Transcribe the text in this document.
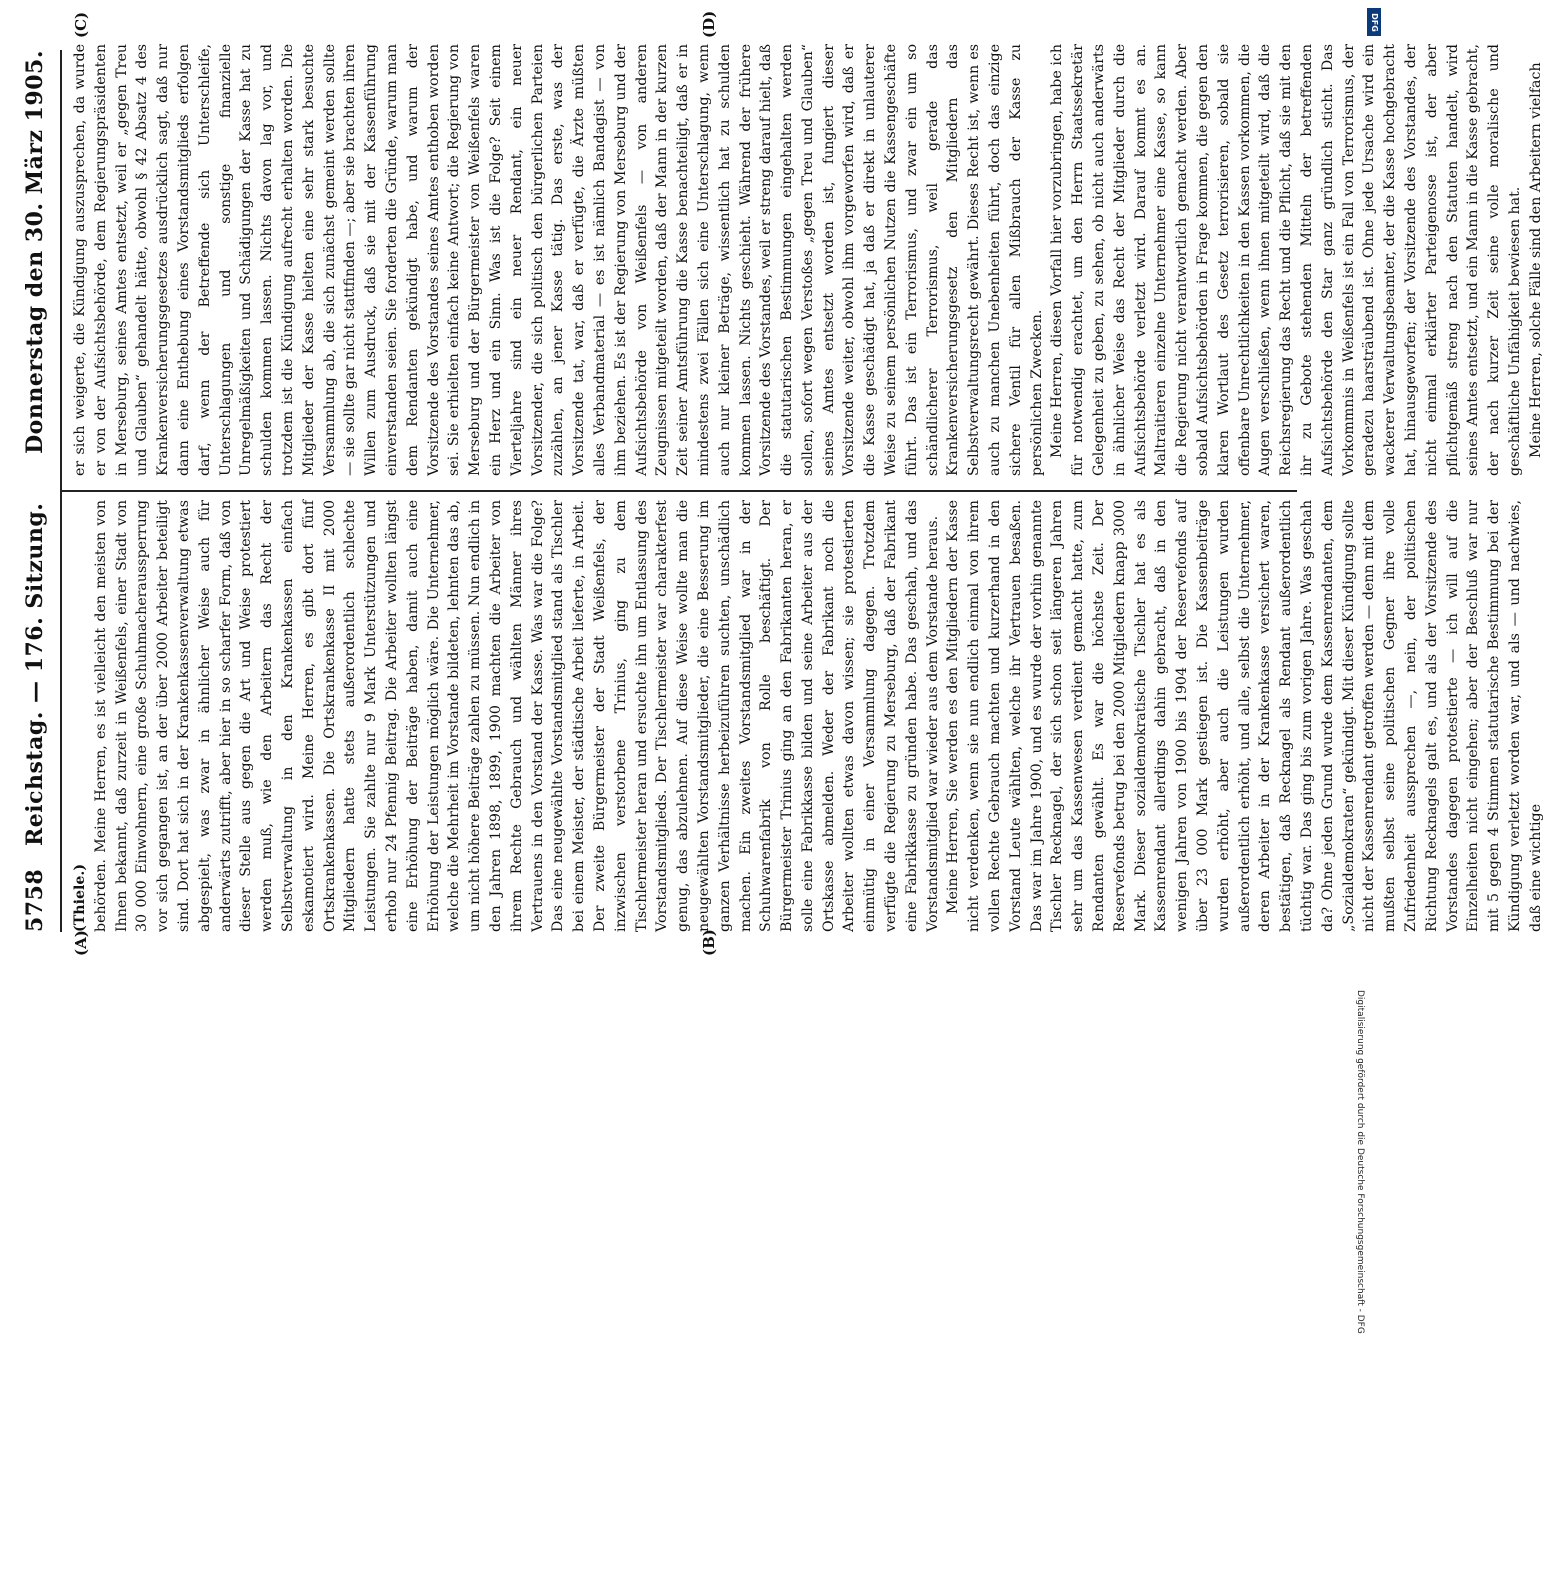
5758
Reichstag. — 176. Sitzung.
Donnerstag den 30. März 1905.
(A)	(B)
(C)	(D)

(Thiele.) behörden. Meine Herren, es ist vielleicht den meisten von Ihnen bekannt, daß zurzeit in Weißenfels, einer Stadt von 30 000 Einwohnern, eine große Schuhmacheraussperrung vor sich gegangen ist, an der über 2000 Arbeiter beteiligt sind. Dort hat sich in der Krankenkassenverwaltung etwas abgespielt, was zwar in ähnlicher Weise auch für anderwärts zutrifft, aber hier in so scharfer Form, daß von dieser Stelle aus gegen die Art und Weise protestiert werden muß, wie den Arbeitern das Recht der Selbstverwaltung in den Krankenkassen einfach eskamotiert wird. Meine Herren, es gibt dort fünf Ortskrankenkassen. Die Ortskrankenkasse II mit 2000 Mitgliedern hatte stets außerordentlich schlechte Leistungen. Sie zahlte nur 9 Mark Unterstützungen und erhob nur 24 Pfennig Beitrag. Die Arbeiter wollten längst eine Erhöhung der Beiträge haben, damit auch eine Erhöhung der Leistungen möglich wäre. Die Unternehmer, welche die Mehrheit im Vorstande bildeten, lehnten das ab, um nicht höhere Beiträge zahlen zu müssen. Nun endlich in den Jahren 1898, 1899, 1900 machten die Arbeiter von ihrem Rechte Gebrauch und wählten Männer ihres Vertrauens in den Vorstand der Kasse. Was war die Folge? Das eine neugewählte Vorstandsmitglied stand als Tischler bei einem Meister, der städtische Arbeit lieferte, in Arbeit. Der zweite Bürgermeister der Stadt Weißenfels, der inzwischen verstorbene Trinius, ging zu dem Tischlermeister heran und ersuchte ihn um Entlassung des Vorstandsmitglieds. Der Tischlermeister war charakterfest genug, das abzulehnen. Auf diese Weise wollte man die neugewählten Vorstandsmitglieder, die eine Besserung im ganzen Verhältnisse herbeizuführen suchten, unschädlich machen. Ein zweites Vorstandsmitglied war in der Schuhwarenfabrik von Rolle beschäftigt. Der Bürgermeister Trinius ging an den Fabrikanten heran, er solle eine Fabrikkasse bilden und seine Arbeiter aus der Ortskasse abmelden. Weder der Fabrikant noch die Arbeiter wollten etwas davon wissen; sie protestierten einmütig in einer Versammlung dagegen. Trotzdem verfügte die Regierung zu Merseburg, daß der Fabrikant eine Fabrikkasse zu gründen habe. Das geschah, und das Vorstandsmitglied war wieder aus dem Vorstande heraus. Meine Herren, Sie werden es den Mitgliedern der Kasse nicht verdenken, wenn sie nun endlich einmal von ihrem vollen Rechte Gebrauch machten und kurzerhand in den Vorstand Leute wählten, welche ihr Vertrauen besaßen. Das war im Jahre 1900, und es wurde der vorhin genannte Tischler Recknagel, der sich schon seit längeren Jahren sehr um das Kassenwesen verdient gemacht hatte, zum Rendanten gewählt. Es war die höchste Zeit. Der Reservefonds betrug bei den 2000 Mitgliedern knapp 3000 Mark. Dieser sozialdemokratische Tischler hat es als Kassenrendant allerdings dahin gebracht, daß in den wenigen Jahren von 1900 bis 1904 der Reservefonds auf über 23 000 Mark gestiegen ist. Die Kassenbeiträge wurden erhöht, aber auch die Leistungen wurden außerordentlich erhöht, und alle, selbst die Unternehmer, deren Arbeiter in der Krankenkasse versichert waren, bestätigen, daß Recknagel als Rendant außerordentlich tüchtig war. Das ging bis zum vorigen Jahre. Was geschah da? Ohne jeden Grund wurde dem Kassenrendanten, dem „Sozialdemokraten“ gekündigt. Mit dieser Kündigung sollte nicht der Kassenrendant getroffen werden — denn mit dem mußten selbst seine politischen Gegner ihre volle Zufriedenheit aussprechen —, nein, der politischen Richtung Recknagels galt es, und als der Vorsitzende des Vorstandes dagegen protestierte — ich will auf die Einzelheiten nicht eingehen; aber der Beschluß war nur mit 5 gegen 4 Stimmen statutarische Bestimmung bei der Kündigung verletzt worden war, und als — und nachwies, daß eine wichtige

er sich weigerte, die Kündigung auszusprechen, da wurde er von der Aufsichtsbehörde, dem Regierungspräsidenten in Merseburg, seines Amtes entsetzt, weil er „gegen Treu und Glauben“ gehandelt hätte, obwohl § 42 Absatz 4 des Krankenversicherungsgesetzes ausdrücklich sagt, daß nur dann eine Enthebung eines Vorstandsmitglieds erfolgen darf, wenn der Betreffende sich Unterschleife, Unterschlagungen und sonstige finanzielle Unregelmäßigkeiten und Schädigungen der Kasse hat zu schulden kommen lassen. Nichts davon lag vor, und trotzdem ist die Kündigung aufrecht erhalten worden. Die Mitglieder der Kasse hielten eine sehr stark besuchte Versammlung ab, die sich zunächst gemeint werden sollte — sie sollte gar nicht stattfinden —; aber sie brachten ihren Willen zum Ausdruck, daß sie mit der Kassenführung einverstanden seien. Sie forderten die Gründe, warum man dem Rendanten gekündigt habe, und warum der Vorsitzende des Vorstandes seines Amtes enthoben worden sei. Sie erhielten einfach keine Antwort; die Regierung von Merseburg und der Bürgermeister von Weißenfels waren ein Herz und ein Sinn. Was ist die Folge? Seit einem Vierteljahre sind ein neuer Rendant, ein neuer Vorsitzender, die sich politisch den bürgerlichen Parteien zuzählen, an jener Kasse tätig. Das erste, was der Vorsitzende tat, war, daß er verfügte, die Ärzte müßten alles Verbandmaterial — es ist nämlich Bandagist — von ihm beziehen. Es ist der Regierung von Merseburg und der Aufsichtsbehörde von Weißenfels — von anderen Zeugnissen mitgeteilt worden, daß der Mann in der kurzen Zeit seiner Amtsführung die Kasse benachteiligt, daß er in mindestens zwei Fällen sich eine Unterschlagung, wenn auch nur kleiner Beträge, wissentlich hat zu schulden kommen lassen. Nichts geschieht. Während der frühere Vorsitzende des Vorstandes, weil er streng darauf hielt, daß die statutarischen Bestimmungen eingehalten werden sollen, sofort wegen Verstoßes „gegen Treu und Glauben“ seines Amtes entsetzt worden ist, fungiert dieser Vorsitzende weiter, obwohl ihm vorgeworfen wird, daß er die Kasse geschädigt hat, ja daß er direkt in unlauterer Weise zu seinem persönlichen Nutzen die Kassengeschäfte führt. Das ist ein Terrorismus, und zwar ein um so schändlicherer Terrorismus, weil gerade das Krankenversicherungsgesetz den Mitgliedern das Selbstverwaltungsrecht gewährt. Dieses Recht ist, wenn es auch zu manchen Unebenheiten führt, doch das einzige sichere Ventil für allen Mißbrauch der Kasse zu persönlichen Zwecken. Meine Herren, diesen Vorfall hier vorzubringen, habe ich für notwendig erachtet, um den Herrn Staatssekretär Gelegenheit zu geben, zu sehen, ob nicht auch anderwärts in ähnlicher Weise das Recht der Mitglieder durch die Aufsichtsbehörde verletzt wird. Darauf kommt es an. Maltraitieren einzelne Unternehmer eine Kasse, so kann die Regierung nicht verantwortlich gemacht werden. Aber sobald Aufsichtsbehörden in Frage kommen, die gegen den klaren Wortlaut des Gesetz terrorisieren, sobald sie offenbare Unrechtlichkeiten in den Kassen vorkommen, die Augen verschließen, wenn ihnen mitgeteilt wird, daß die Reichsregierung das Recht und die Pflicht, daß sie mit den ihr zu Gebote stehenden Mitteln der betreffenden Aufsichtsbehörde den Star ganz gründlich sticht. Das Vorkommnis in Weißenfels ist ein Fall von Terrorismus, der geradezu haarsträubend ist. Ohne jede Ursache wird ein wackerer Verwaltungsbeamter, der die Kasse hochgebracht hat, hinausgeworfen; der Vorsitzende des Vorstandes, der nicht einmal erklärter Parteigenosse ist, der aber pflichtgemäß streng nach den Statuten handelt, wird seines Amtes entsetzt, und ein Mann in die Kasse gebracht, der nach kurzer Zeit seine volle moralische und geschäftliche Unfähigkeit bewiesen hat. Meine Herren, solche Fälle sind den Arbeitern vielfach

DFG
Digitalisierung gefördert durch die Deutsche Forschungsgemeinschaft - DFG
